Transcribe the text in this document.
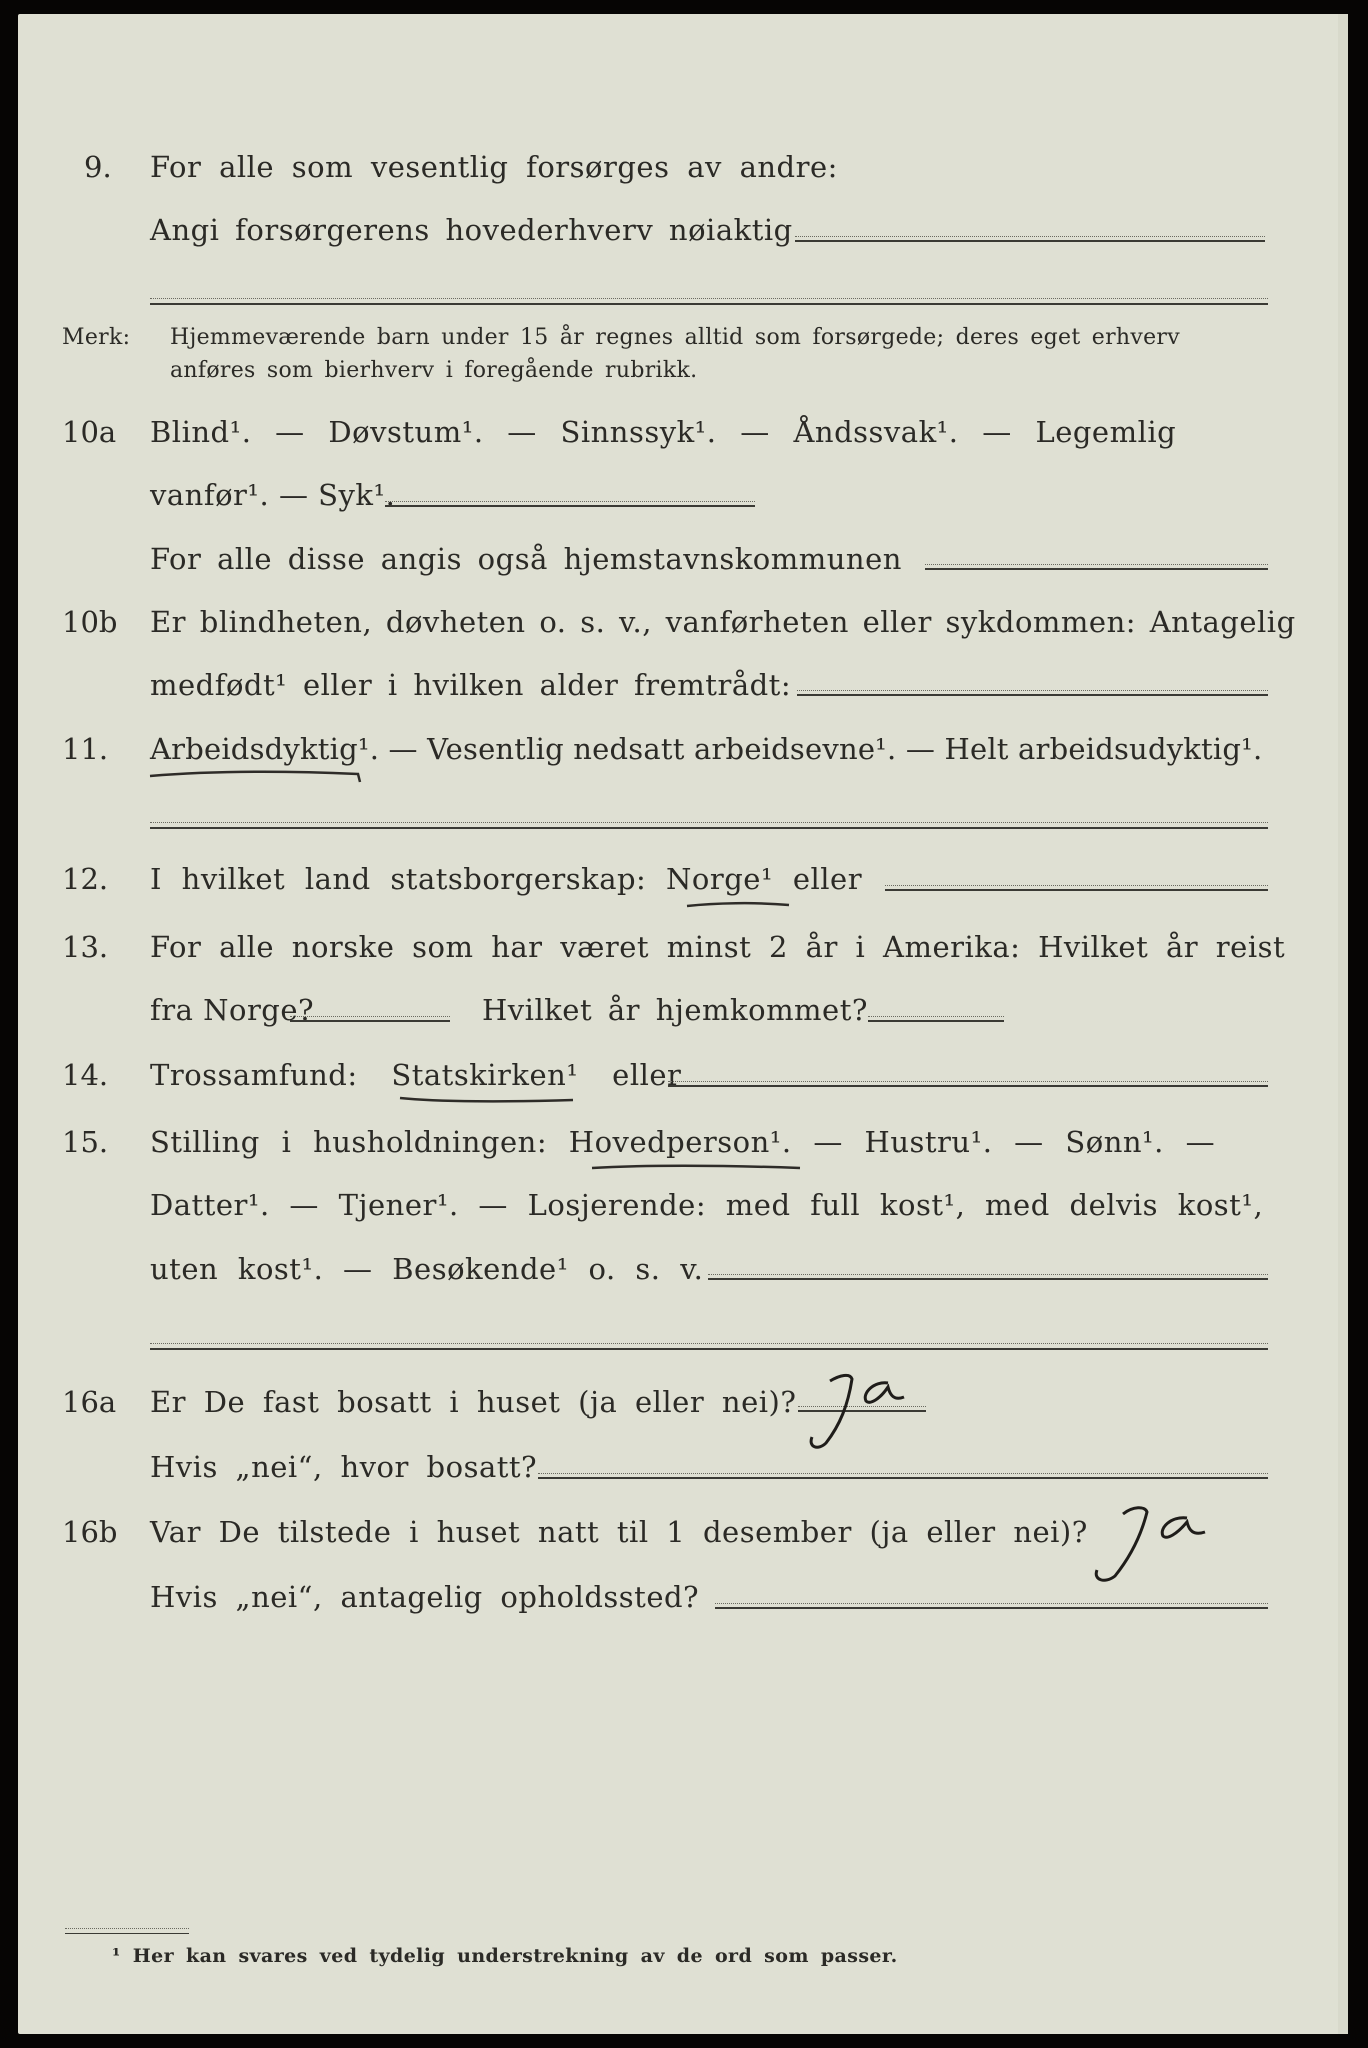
9. For alle som vesentlig forsørges av andre:
Angi forsørgerens hovederhverv nøiaktig
Merk: Hjemmeværende barn under 15 år regnes alltid som forsørgede; deres eget erhverv
anføres som bierhverv i foregående rubrikk.
10a Blind¹. — Døvstum¹. — Sinnssyk¹. — Åndssvak¹. — Legemlig
vanfør¹. — Syk¹.
For alle disse angis også hjemstavnskommunen
10b Er blindheten, døvheten o. s. v., vanførheten eller sykdommen: Antagelig
medfødt¹ eller i hvilken alder fremtrådt:
11. Arbeidsdyktig¹. — Vesentlig nedsatt arbeidsevne¹. — Helt arbeidsudyktig¹.
12. I hvilket land statsborgerskap: Norge¹ eller
13. For alle norske som har været minst 2 år i Amerika: Hvilket år reist
fra Norge?	Hvilket år hjemkommet?
14. Trossamfund: Statskirken¹ eller
15. Stilling i husholdningen: Hovedperson¹. — Hustru¹. — Sønn¹. —
Datter¹. — Tjener¹. — Losjerende: med full kost¹, med delvis kost¹,
uten kost¹. — Besøkende¹ o. s. v.
16a Er De fast bosatt i huset (ja eller nei)?
Ja
Hvis „nei“, hvor bosatt?
16b Var De tilstede i huset natt til 1 desember (ja eller nei)?
Ja
Hvis „nei“, antagelig opholdssted?
¹ Her kan svares ved tydelig understrekning av de ord som passer.
